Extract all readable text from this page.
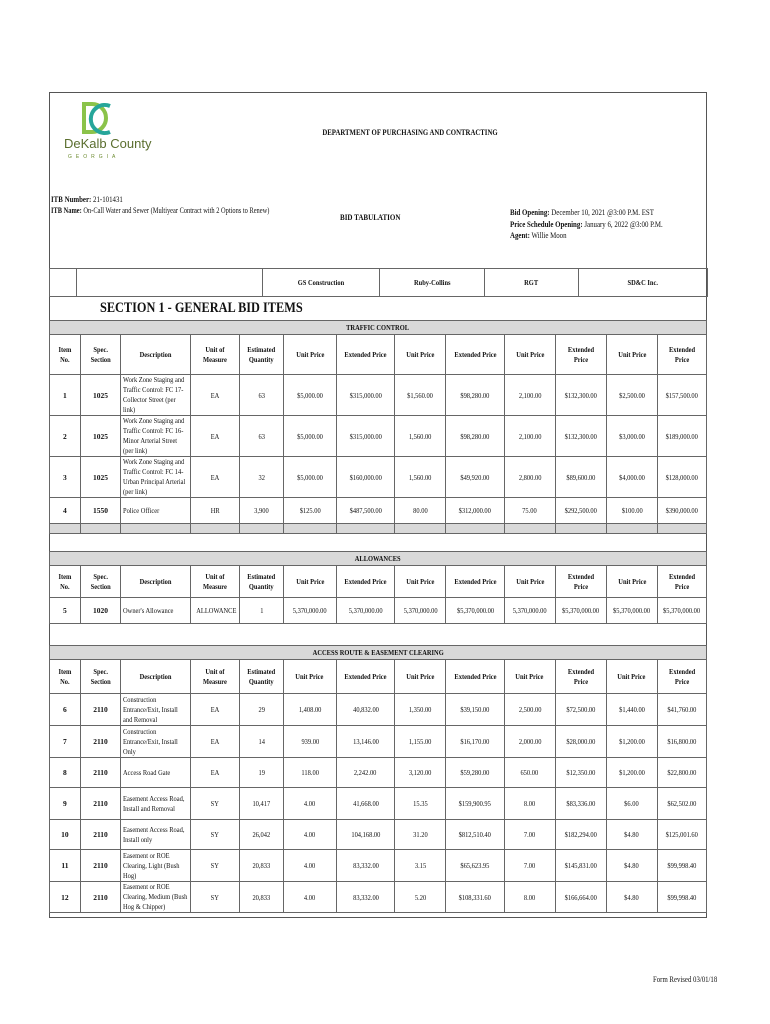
DeKalb County
GEORGIA
DEPARTMENT OF PURCHASING AND CONTRACTING
ITB Number: 21-101431
ITB Name: On-Call Water and Sewer (Multiyear Contract with 2 Options to Renew)
BID TABULATION
Bid Opening: December 10, 2021 @3:00 P.M. EST
Price Schedule Opening: January 6, 2022 @3:00 P.M.
Agent: Willie Moon
		GS Construction	Ruby-Collins	RGT	SD&C Inc.
SECTION 1 - GENERAL BID ITEMS
TRAFFIC CONTROL												
Item No.	Spec. Section	Description	Unit of Measure	Estimated Quantity	Unit Price	Extended Price	Unit Price	Extended Price	Unit Price	Extended Price	Unit Price	Extended Price
1	1025	Work Zone Staging and Traffic Control: FC 17-Collector Street (per link)	EA	63	$5,000.00	$315,000.00	$1,560.00	$98,280.00	2,100.00	$132,300.00	$2,500.00	$157,500.00
2	1025	Work Zone Staging and Traffic Control: FC 16-Minor Arterial Street (per link)	EA	63	$5,000.00	$315,000.00	1,560.00	$98,280.00	2,100.00	$132,300.00	$3,000.00	$189,000.00
3	1025	Work Zone Staging and Traffic Control: FC 14-Urban Principal Arterial (per link)	EA	32	$5,000.00	$160,000.00	1,560.00	$49,920.00	2,800.00	$89,600.00	$4,000.00	$128,000.00
4	1550	Police Officer	HR	3,900	$125.00	$487,500.00	80.00	$312,000.00	75.00	$292,500.00	$100.00	$390,000.00

ALLOWANCES												
Item No.	Spec. Section	Description	Unit of Measure	Estimated Quantity	Unit Price	Extended Price	Unit Price	Extended Price	Unit Price	Extended Price	Unit Price	Extended Price
5	1020	Owner's Allowance	ALLOWANCE	1	5,370,000.00	5,370,000.00	5,370,000.00	$5,370,000.00	5,370,000.00	$5,370,000.00	$5,370,000.00	$5,370,000.00
ACCESS ROUTE & EASEMENT CLEARING												
Item No.	Spec. Section	Description	Unit of Measure	Estimated Quantity	Unit Price	Extended Price	Unit Price	Extended Price	Unit Price	Extended Price	Unit Price	Extended Price
6	2110	Construction Entrance/Exit, Install and Removal	EA	29	1,408.00	40,832.00	1,350.00	$39,150.00	2,500.00	$72,500.00	$1,440.00	$41,760.00
7	2110	Construction Entrance/Exit, Install Only	EA	14	939.00	13,146.00	1,155.00	$16,170.00	2,000.00	$28,000.00	$1,200.00	$16,800.00
8	2110	Access Road Gate	EA	19	118.00	2,242.00	3,120.00	$59,280.00	650.00	$12,350.00	$1,200.00	$22,800.00
9	2110	Easement Access Road, Install and Removal	SY	10,417	4.00	41,668.00	15.35	$159,900.95	8.00	$83,336.00	$6.00	$62,502.00
10	2110	Easement Access Road, Install only	SY	26,042	4.00	104,168.00	31.20	$812,510.40	7.00	$182,294.00	$4.80	$125,001.60
11	2110	Easement or ROE Clearing, Light (Bush Hog)	SY	20,833	4.00	83,332.00	3.15	$65,623.95	7.00	$145,831.00	$4.80	$99,998.40
12	2110	Easement or ROE Clearing, Medium (Bush Hog & Chipper)	SY	20,833	4.00	83,332.00	5.20	$108,331.60	8.00	$166,664.00	$4.80	$99,998.40
Form Revised 03/01/18
